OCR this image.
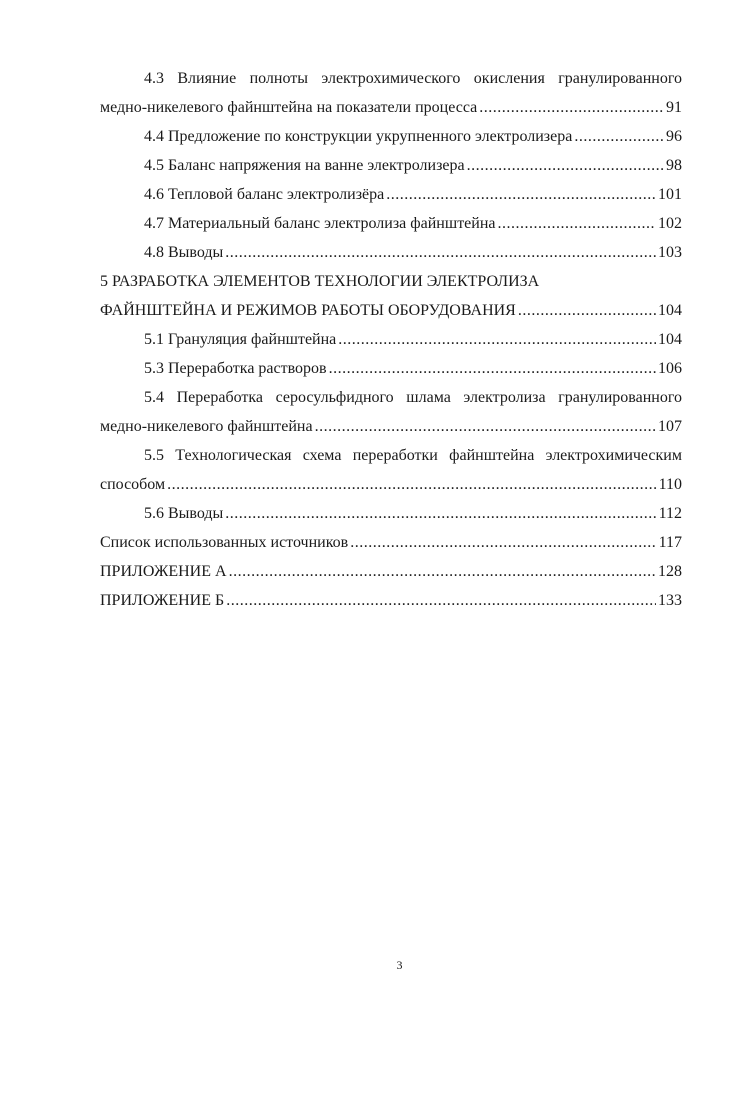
4.3 Влияние полноты электрохимического окисления гранулированного
медно-никелевого файнштейна на показатели процесса .....	91
4.4 Предложение по конструкции укрупненного электролизера .....	96
4.5 Баланс напряжения на ванне электролизера .....	98
4.6 Тепловой баланс электролизёра .....	101
4.7 Материальный баланс электролиза файнштейна .....	102
4.8 Выводы .....	103
5 РАЗРАБОТКА ЭЛЕМЕНТОВ ТЕХНОЛОГИИ ЭЛЕКТРОЛИЗА
ФАЙНШТЕЙНА И РЕЖИМОВ РАБОТЫ ОБОРУДОВАНИЯ .....	104
5.1 Грануляция файнштейна .....	104
5.3 Переработка растворов .....	106
5.4 Переработка серосульфидного шлама электролиза гранулированного
медно-никелевого файнштейна .....	107
5.5 Технологическая схема переработки файнштейна электрохимическим
способом .....	110
5.6 Выводы .....	112
Список использованных источников .....	117
ПРИЛОЖЕНИЕ А .....	128
ПРИЛОЖЕНИЕ Б .....	133
3
